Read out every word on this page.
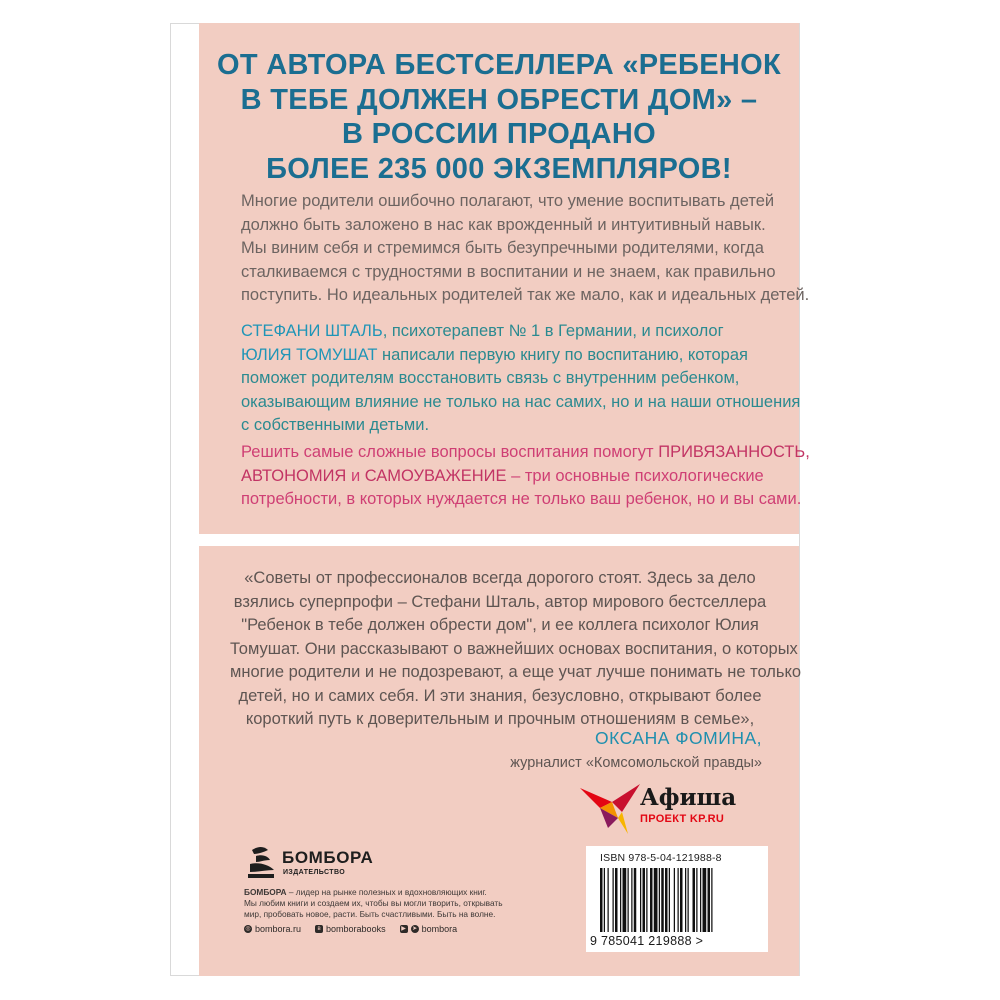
ОТ АВТОРА БЕСТСЕЛЛЕРА «РЕБЕНОК
В ТЕБЕ ДОЛЖЕН ОБРЕСТИ ДОМ» –
В РОССИИ ПРОДАНО
БОЛЕЕ 235 000 ЭКЗЕМПЛЯРОВ!
Многие родители ошибочно полагают, что умение воспитывать детей
должно быть заложено в нас как врожденный и интуитивный навык.
Мы виним себя и стремимся быть безупречными родителями, когда
сталкиваемся с трудностями в воспитании и не знаем, как правильно
поступить. Но идеальных родителей так же мало, как и идеальных детей.
СТЕФАНИ ШТАЛЬ, психотерапевт № 1 в Германии, и психолог
ЮЛИЯ ТОМУШАТ написали первую книгу по воспитанию, которая
поможет родителям восстановить связь с внутренним ребенком,
оказывающим влияние не только на нас самих, но и на наши отношения
с собственными детьми.
Решить самые сложные вопросы воспитания помогут ПРИВЯЗАННОСТЬ,
АВТОНОМИЯ и САМОУВАЖЕНИЕ – три основные психологические
потребности, в которых нуждается не только ваш ребенок, но и вы сами.
«Советы от профессионалов всегда дорогого стоят. Здесь за дело
взялись суперпрофи – Стефани Шталь, автор мирового бестселлера
"Ребенок в тебе должен обрести дом", и ее коллега психолог Юлия
Томушат. Они рассказывают о важнейших основах воспитания, о которых
многие родители и не подозревают, а еще учат лучше понимать не только
детей, но и самих себя. И эти знания, безусловно, открывают более
короткий путь к доверительным и прочным отношениям в семье»,
ОКСАНА ФОМИНА,
журналист «Комсомольской правды»
Афиша
ПРОЕКТ KP.RU
ISBN 978-5-04-121988-8
9 785041 219888 >
БОМБОРА
ИЗДАТЕЛЬСТВО
БОМБОРА – лидер на рынке полезных и вдохновляющих книг.
Мы любим книги и создаем их, чтобы вы могли творить, открывать
мир, пробовать новое, расти. Быть счастливыми. Быть на волне.
◎ bombora.ru	в bomborabooks	▶ ➤ bombora
